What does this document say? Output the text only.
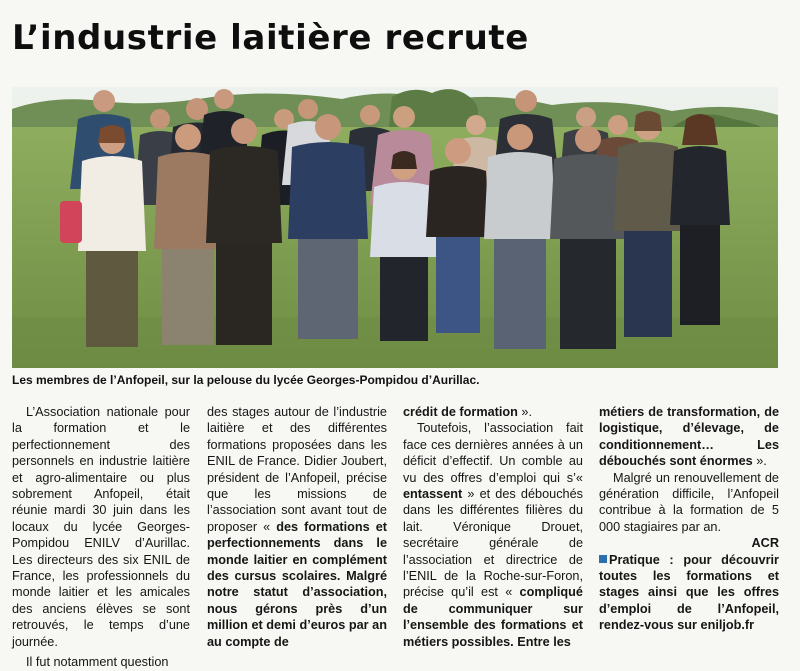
L’industrie laitière recrute
Les membres de l’Anfopeil, sur la pelouse du lycée Georges-Pompidou d’Aurillac.

L’Association nationale pour la formation et le perfectionnement des personnels en industrie laitière et agro-alimentaire ou plus sobrement Anfopeil, était réunie mardi 30 juin dans les locaux du lycée Georges-Pompidou ENILV d’Aurillac. Les directeurs des six ENIL de France, les professionnels du monde laitier et les amicales des anciens élèves se sont retrouvés, le temps d’une journée.

Il fut notamment question

des stages autour de l’industrie laitière et des différentes formations proposées dans les ENIL de France. Didier Joubert, président de l’Anfopeil, précise que les missions de l’association sont avant tout de proposer « des formations et perfectionnements dans le monde laitier en complément des cursus scolaires. Malgré notre statut d’association, nous gérons près d’un million et demi d’euros par an au compte de

crédit de formation ».

Toutefois, l’association fait face ces dernières années à un déficit d’effectif. Un comble au vu des offres d’emploi qui s’« entassent » et des débouchés dans les différentes filières du lait. Véronique Drouet, secrétaire générale de l’association et directrice de l’ENIL de la Roche-sur-Foron, précise qu’il est « compliqué de communiquer sur l’ensemble des formations et métiers possibles. Entre les

métiers de transformation, de logistique, d’élevage, de conditionnement… Les débouchés sont énormes ».

Malgré un renouvellement de génération difficile, l’Anfopeil contribue à la formation de 5 000 stagiaires par an.

ACR

Pratique : pour découvrir toutes les formations et stages ainsi que les offres d’emploi de l’Anfopeil, rendez-vous sur eniljob.fr
